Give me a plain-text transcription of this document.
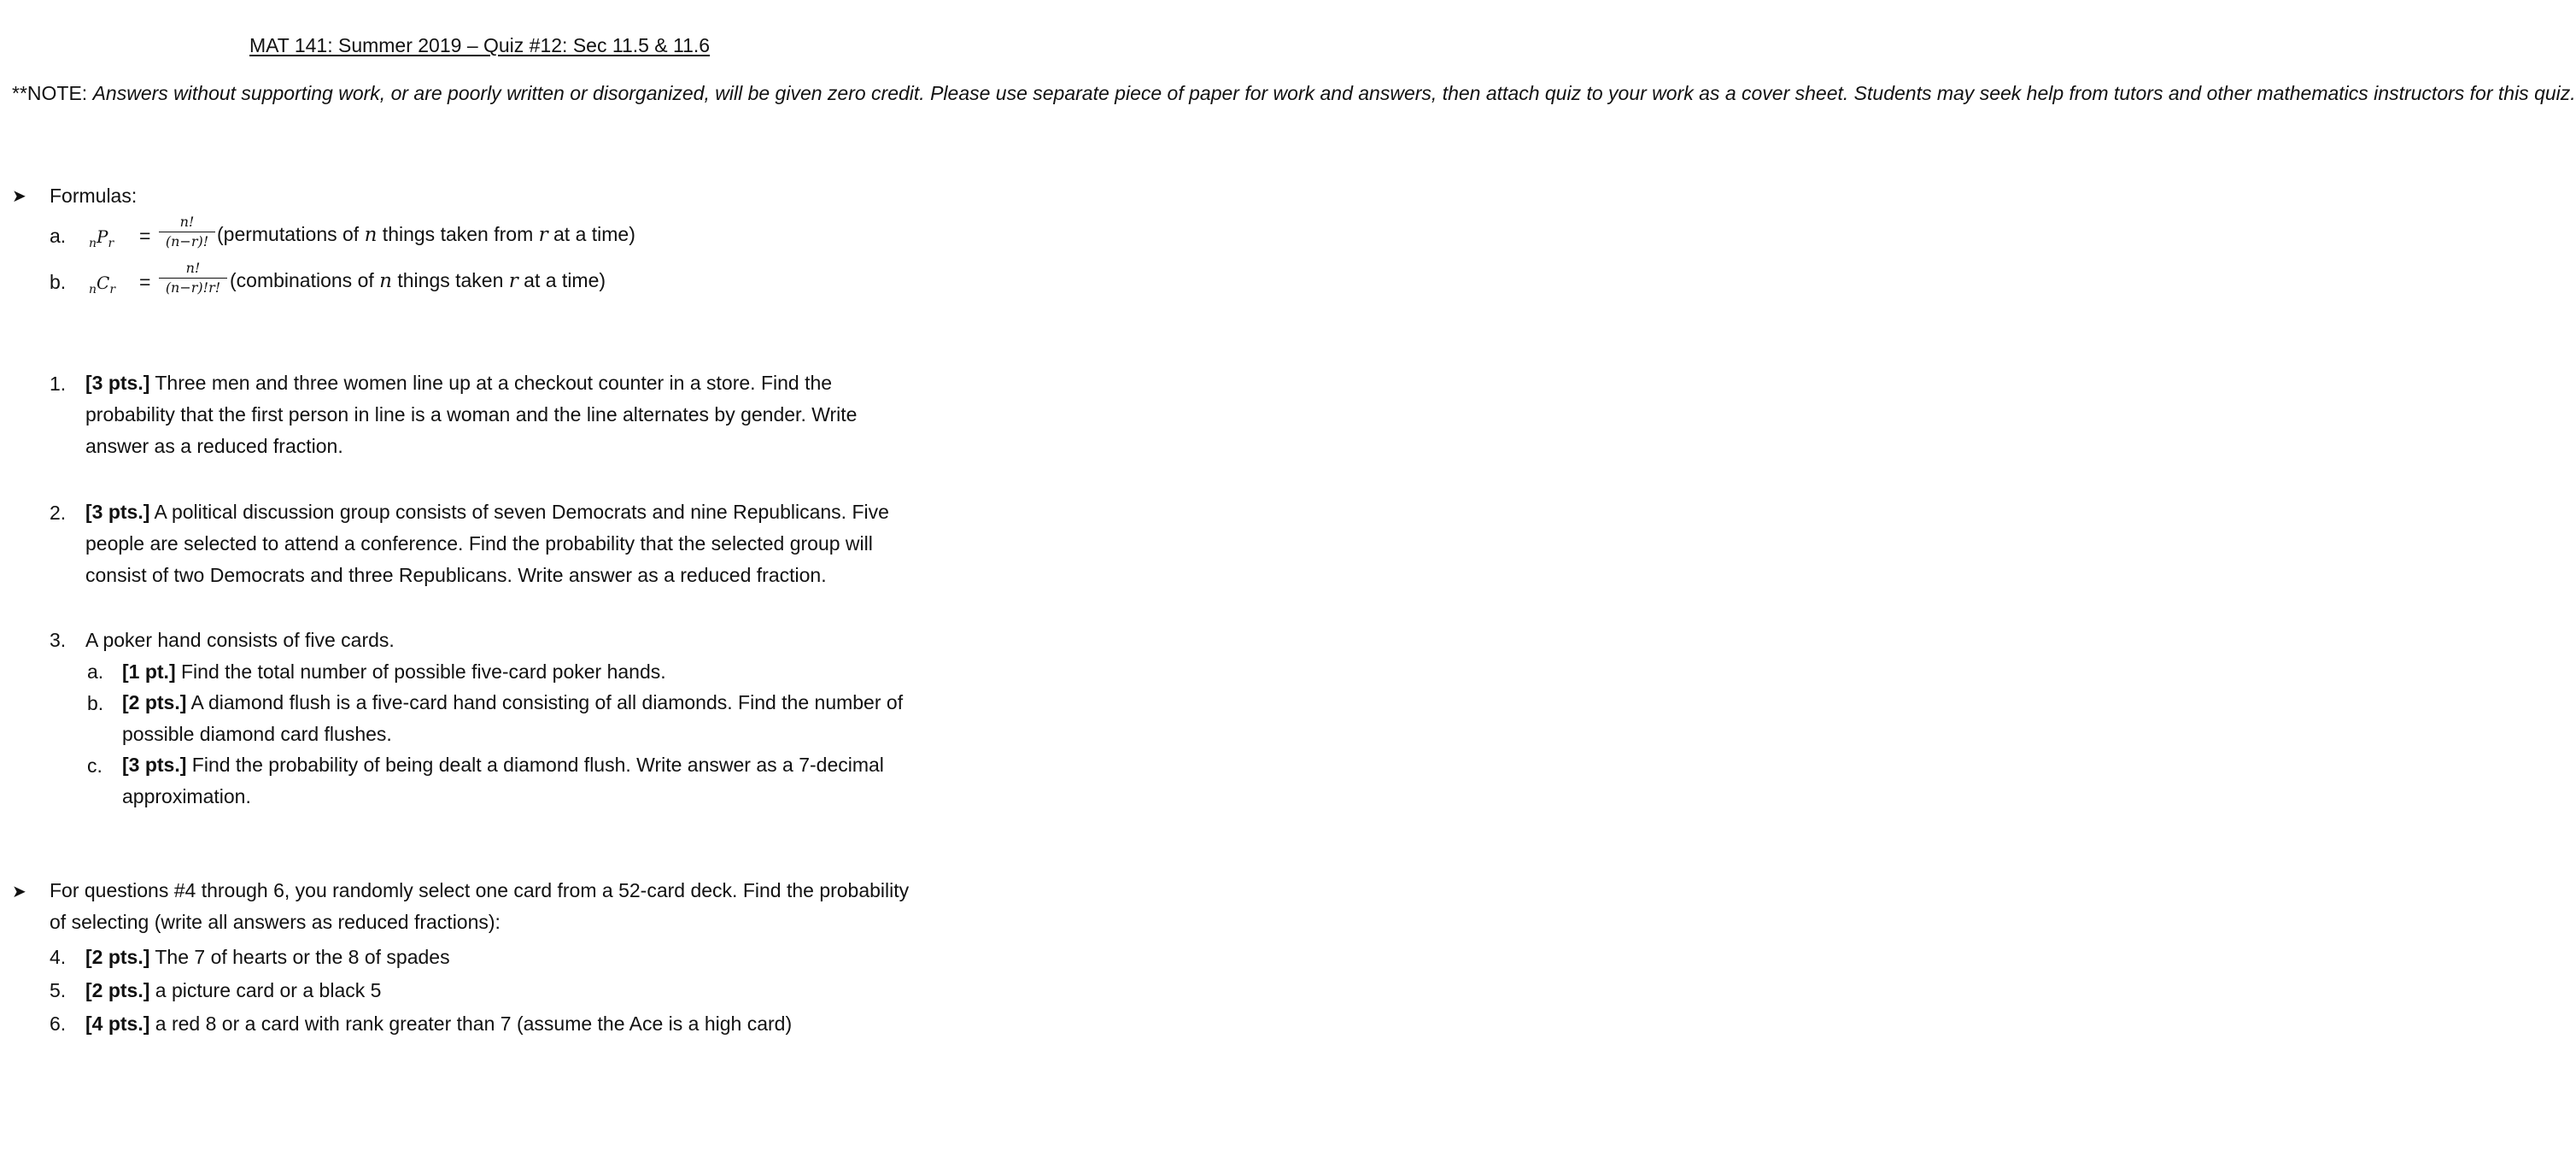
MAT 141: Summer 2019 – Quiz #12: Sec 11.5 & 11.6
**NOTE: Answers without supporting work, or are poorly written or disorganized, will be given zero credit. Please use separate piece of paper for work and answers, then attach quiz to your work as a cover sheet. Students may seek help from tutors and other mathematics instructors for this quiz.
➤ Formulas:
a. $_nP_r$ =
n!
(n−r)! (permutations of n things taken from r at a time)
b. $_nC_r$ =
n!
(n−r)!r! (combinations of n things taken r at a time)
1. [3 pts.] Three men and three women line up at a checkout counter in a store. Find the
probability that the first person in line is a woman and the line alternates by gender. Write
answer as a reduced fraction.
2. [3 pts.] A political discussion group consists of seven Democrats and nine Republicans. Five
people are selected to attend a conference. Find the probability that the selected group will
consist of two Democrats and three Republicans. Write answer as a reduced fraction.
3. A poker hand consists of five cards.
a. [1 pt.] Find the total number of possible five-card poker hands.
b. [2 pts.] A diamond flush is a five-card hand consisting of all diamonds. Find the number of
possible diamond card flushes.
c. [3 pts.] Find the probability of being dealt a diamond flush. Write answer as a 7-decimal
approximation.
➤ For questions #4 through 6, you randomly select one card from a 52-card deck. Find the probability
of selecting (write all answers as reduced fractions):
4. [2 pts.] The 7 of hearts or the 8 of spades
5. [2 pts.] a picture card or a black 5
6. [4 pts.] a red 8 or a card with rank greater than 7 (assume the Ace is a high card)
